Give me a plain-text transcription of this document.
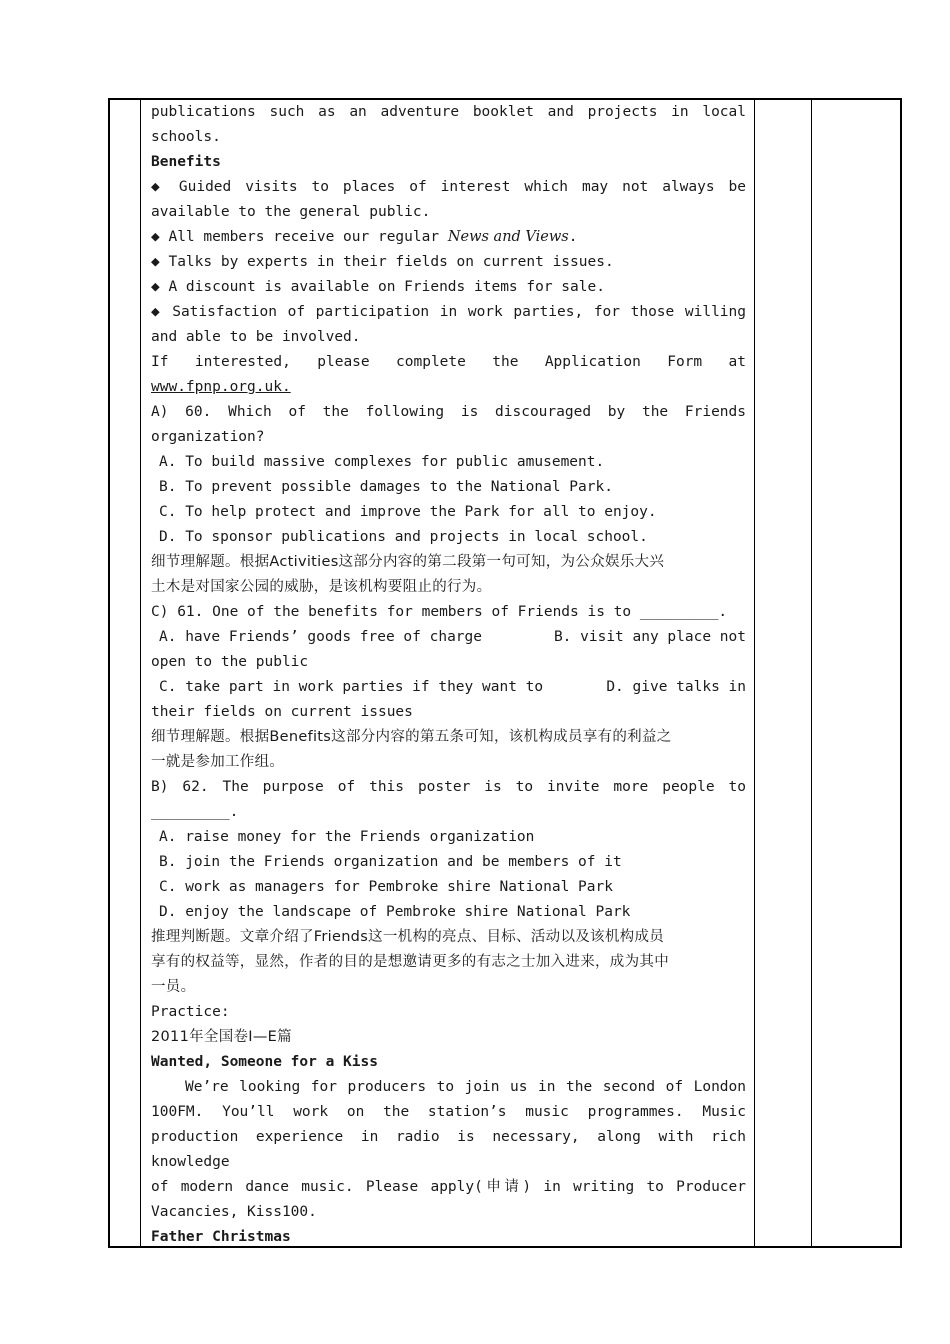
publications such as an adventure booklet and projects in local

schools.

Benefits

◆ Guided visits to places of interest which may not always be

available to the general public.

◆ All members receive our regular News and Views.

◆ Talks by experts in their fields on current issues.

◆ A discount is available on Friends items for sale.

◆ Satisfaction of participation in work parties, for those willing

and able to be involved.

If interested, please complete the Application Form at

www.fpnp.org.uk.

A) 60. Which of the following is discouraged by the Friends

organization?

A. To build massive complexes for public amusement.

B. To prevent possible damages to the National Park.

C. To help protect and improve the Park for all to enjoy.

D. To sponsor publications and projects in local school.

细节理解题。根据Activities这部分内容的第二段第一句可知，为公众娱乐大兴

土木是对国家公园的威胁，是该机构要阻止的行为。

C) 61. One of the benefits for members of Friends is to _________.

A. have Friends’ goods free of charge	B. visit any place not

open to the public

C. take part in work parties if they want to	D. give talks in

their fields on current issues

细节理解题。根据Benefits这部分内容的第五条可知，该机构成员享有的利益之

一就是参加工作组。

B) 62. The purpose of this poster is to invite more people to

_________.

A. raise money for the Friends organization

B. join the Friends organization and be members of it

C. work as managers for Pembroke shire National Park

D. enjoy the landscape of Pembroke shire National Park

推理判断题。文章介绍了Friends这一机构的亮点、目标、活动以及该机构成员

享有的权益等，显然，作者的目的是想邀请更多的有志之士加入进来，成为其中

一员。

Practice:

2011年全国卷I—E篇

Wanted, Someone for a Kiss

We’re looking for producers to join us in the second of London

100FM. You’ll work on the station’s music programmes. Music

production experience in radio is necessary, along with rich knowledge

of modern dance music. Please apply(申请) in writing to Producer

Vacancies, Kiss100.

Father Christmas
